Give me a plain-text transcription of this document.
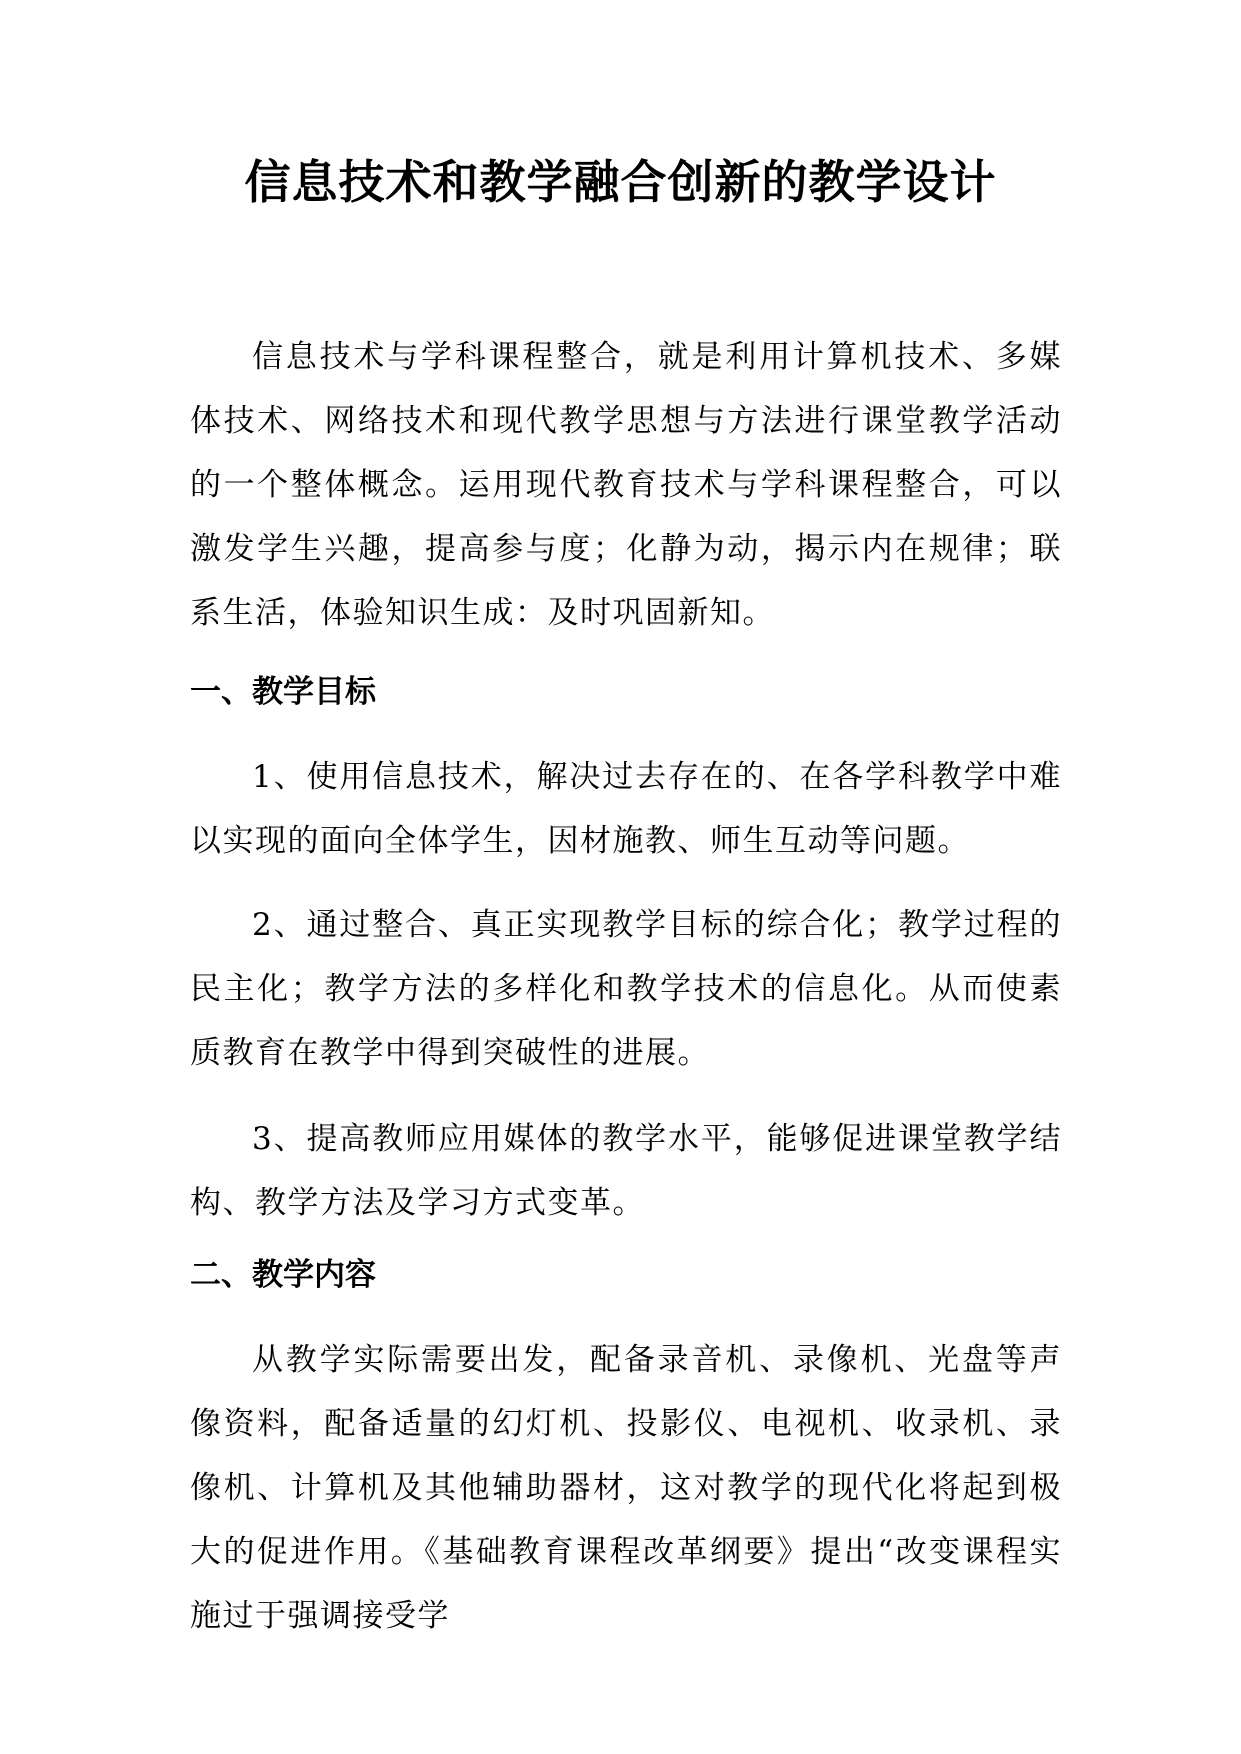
信息技术和教学融合创新的教学设计

信息技术与学科课程整合，就是利用计算机技术、多媒体技术、网络技术和现代教学思想与方法进行课堂教学活动的一个整体概念。运用现代教育技术与学科课程整合，可以激发学生兴趣，提高参与度；化静为动，揭示内在规律；联系生活，体验知识生成：及时巩固新知。

一、教学目标

1、使用信息技术，解决过去存在的、在各学科教学中难以实现的面向全体学生，因材施教、师生互动等问题。

2、通过整合、真正实现教学目标的综合化；教学过程的民主化；教学方法的多样化和教学技术的信息化。从而使素质教育在教学中得到突破性的进展。

3、提高教师应用媒体的教学水平，能够促进课堂教学结构、教学方法及学习方式变革。

二、教学内容

从教学实际需要出发，配备录音机、录像机、光盘等声像资料，配备适量的幻灯机、投影仪、电视机、收录机、录像机、计算机及其他辅助器材，这对教学的现代化将起到极大的促进作用。《基础教育课程改革纲要》提出“改变课程实施过于强调接受学
